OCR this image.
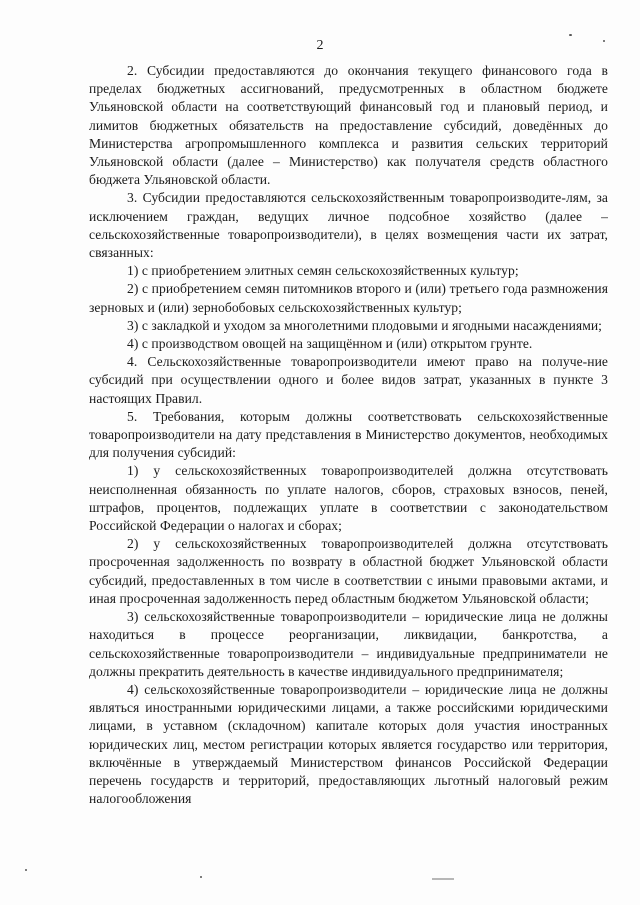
2

2. Субсидии предоставляются до окончания текущего финансового года в пределах бюджетных ассигнований, предусмотренных в областном бюджете Ульяновской области на соответствующий финансовый год и плановый период, и лимитов бюджетных обязательств на предоставление субсидий, доведённых до Министерства агропромышленного комплекса и развития сельских территорий Ульяновской области (далее – Министерство) как получателя средств областного бюджета Ульяновской области.

3. Субсидии предоставляются сельскохозяйственным товаропроизводите-лям, за исключением граждан, ведущих личное подсобное хозяйство (далее – сельскохозяйственные товаропроизводители), в целях возмещения части их затрат, связанных:

1) с приобретением элитных семян сельскохозяйственных культур;

2) с приобретением семян питомников второго и (или) третьего года размножения зерновых и (или) зернобобовых сельскохозяйственных культур;

3) с закладкой и уходом за многолетними плодовыми и ягодными насаждениями;

4) с производством овощей на защищённом и (или) открытом грунте.

4. Сельскохозяйственные товаропроизводители имеют право на получе-ние субсидий при осуществлении одного и более видов затрат, указанных в пункте 3 настоящих Правил.

5. Требования, которым должны соответствовать сельскохозяйственные товаропроизводители на дату представления в Министерство документов, необходимых для получения субсидий:

1) у сельскохозяйственных товаропроизводителей должна отсутствовать неисполненная обязанность по уплате налогов, сборов, страховых взносов, пеней, штрафов, процентов, подлежащих уплате в соответствии с законодательством Российской Федерации о налогах и сборах;

2) у сельскохозяйственных товаропроизводителей должна отсутствовать просроченная задолженность по возврату в областной бюджет Ульяновской области субсидий, предоставленных в том числе в соответствии с иными правовыми актами, и иная просроченная задолженность перед областным бюджетом Ульяновской области;

3) сельскохозяйственные товаропроизводители – юридические лица не должны находиться в процессе реорганизации, ликвидации, банкротства, а сельскохозяйственные товаропроизводители – индивидуальные предприниматели не должны прекратить деятельность в качестве индивидуального предпринимателя;

4) сельскохозяйственные товаропроизводители – юридические лица не должны являться иностранными юридическими лицами, а также российскими юридическими лицами, в уставном (складочном) капитале которых доля участия иностранных юридических лиц, местом регистрации которых является государство или территория, включённые в утверждаемый Министерством финансов Российской Федерации перечень государств и территорий, предоставляющих льготный налоговый режим налогообложения
